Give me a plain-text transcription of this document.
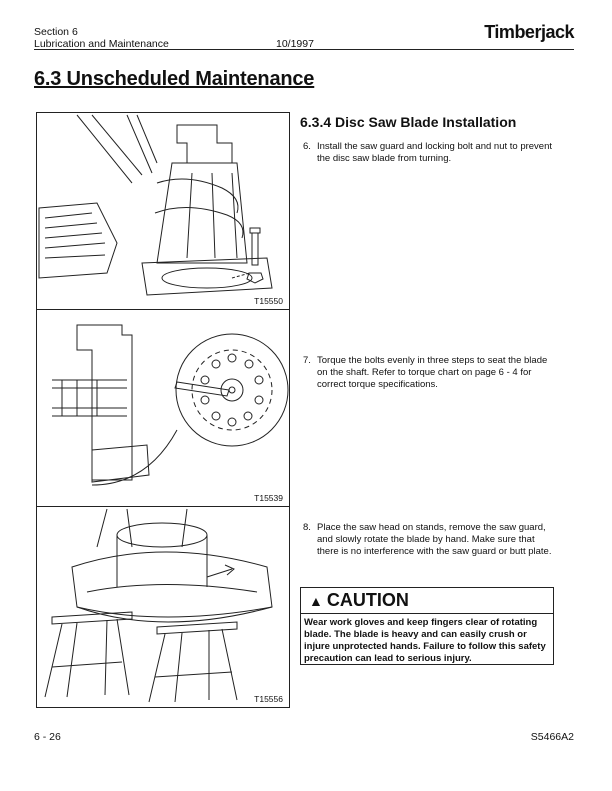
Section 6
Lubrication and Maintenance	10/1997
Timberjack
6.3 Unscheduled Maintenance
T15550
T15539
T15556
6.3.4 Disc Saw Blade Installation
6. Install the saw guard and locking bolt and nut to prevent the disc saw blade from turning.
7. Torque the bolts evenly in three steps to seat the blade on the shaft. Refer to torque chart on page 6 - 4 for correct torque specifications.
8. Place the saw head on stands, remove the saw guard, and slowly rotate the blade by hand. Make sure that there is no interference with the saw guard or butt plate.
▲ CAUTION
Wear work gloves and keep fingers clear of rotating blade. The blade is heavy and can easily crush or injure unprotected hands. Failure to follow this safety precaution can lead to serious injury.
6 - 26	S5466A2
